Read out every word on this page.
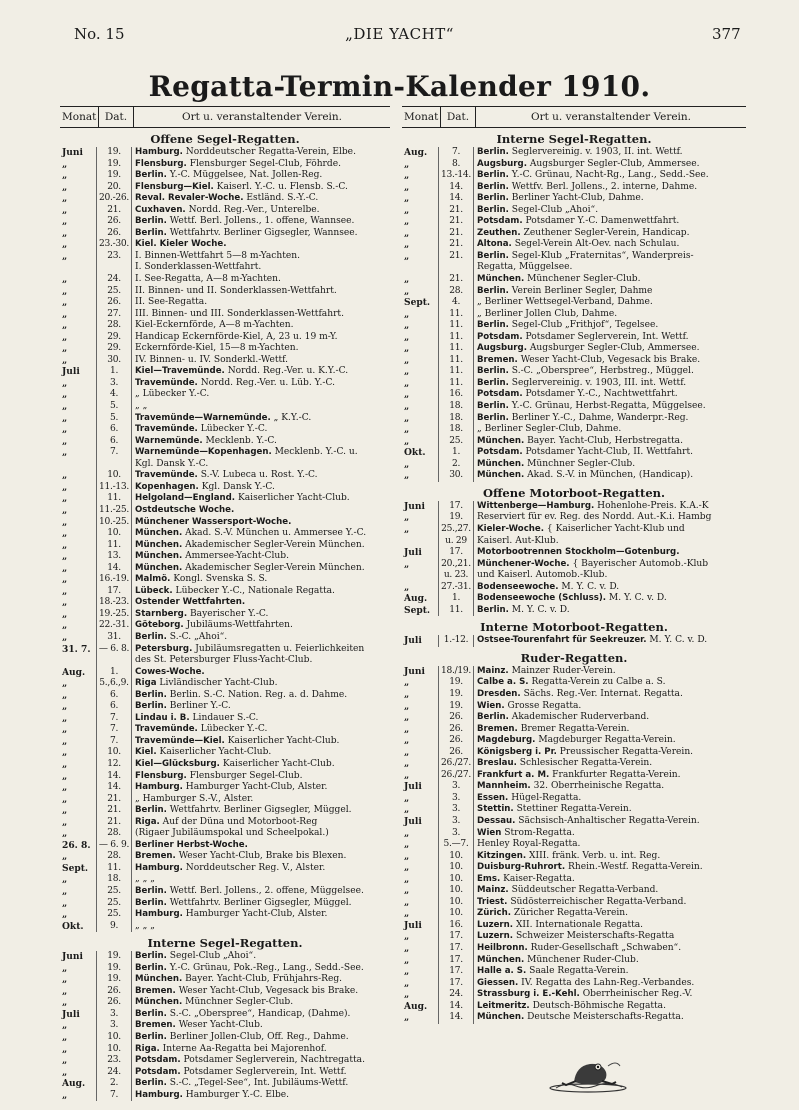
No. 15	„DIE YACHT“	377
Regatta-Termin-Kalender 1910.
Monat Dat.	Ort u. veranstaltender Verein.
Offene Segel-Regatten.
Juni	19.	Hamburg. Norddeutscher Regatta-Verein, Elbe.
„	19.	Flensburg. Flensburger Segel-Club, Föhrde.
„	19.	Berlin. Y.-C. Müggelsee, Nat. Jollen-Reg.
„	20.	Flensburg—Kiel. Kaiserl. Y.-C. u. Flensb. S.-C.
„	20.-26. Reval. Revaler-Woche. Estländ. S.-Y.-C.
„	21.	Cuxhaven. Nordd. Reg.-Ver., Unterelbe.
„	26.	Berlin. Wettf. Berl. Jollens., 1. offene, Wannsee.
„	26.	Berlin. Wettfahrtv. Berliner Gigsegler, Wannsee.
„	23.-30. Kiel. Kieler Woche.
„	23.	I. Binnen-Wettfahrt 5—8 m-Yachten.
I. Sonderklassen-Wettfahrt.
„	24.	I. See-Regatta, A—8 m-Yachten.
„	25.	II. Binnen- und II. Sonderklassen-Wettfahrt.
„	26.	II. See-Regatta.
„	27.	III. Binnen- und III. Sonderklassen-Wettfahrt.
„	28.	Kiel-Eckernförde, A—8 m-Yachten.
„	29.	Handicap Eckernförde-Kiel, A, 23 u. 19 m-Y.
„	29.	Eckernförde-Kiel, 15—8 m-Yachten.
„	30.	IV. Binnen- u. IV. Sonderkl.-Wettf.
Juli	1.	Kiel—Travemünde. Nordd. Reg.-Ver. u. K.Y.-C.
„	3.	Travemünde. Nordd. Reg.-Ver. u. Lüb. Y.-C.
„	4.	„ Lübecker Y.-C.
„	5.	„ „
„	5.	Travemünde—Warnemünde. „ K.Y.-C.
„	6.	Travemünde. Lübecker Y.-C.
„	6.	Warnemünde. Mecklenb. Y.-C.
„	7.	Warnemünde—Kopenhagen. Mecklenb. Y.-C. u.
Kgl. Dansk Y.-C.
„	10.	Travemünde. S.-V. Lubeca u. Rost. Y.-C.
„	11.-13. Kopenhagen. Kgl. Dansk Y.-C.
„	11.	Helgoland—England. Kaiserlicher Yacht-Club.
„	11.-25. Ostdeutsche Woche.
„	10.-25. Münchener Wassersport-Woche.
„	10.	München. Akad. S.-V. München u. Ammersee Y.-C.
„	11.	München. Akademischer Segler-Verein München.
„	13.	München. Ammersee-Yacht-Club.
„	14.	München. Akademischer Segler-Verein München.
„	16.-19. Malmö. Kongl. Svenska S. S.
„	17.	Lübeck. Lübecker Y.-C., Nationale Regatta.
„	18.-23. Ostender Wettfahrten.
„	19.-25. Starnberg. Bayerischer Y.-C.
„	22.-31. Göteborg. Jubiläums-Wettfahrten.
„	31.	Berlin. S.-C. „Ahoi“.
31. 7. — 6. 8. Petersburg. Jubiläumsregatten u. Feierlichkeiten
des St. Petersburger Fluss-Yacht-Club.
Aug.	1.	Cowes-Woche.
„	5.,6.,9. Riga Livländischer Yacht-Club.
„	6.	Berlin. Berlin. S.-C. Nation. Reg. a. d. Dahme.
„	6.	Berlin. Berliner Y.-C.
„	7.	Lindau i. B. Lindauer S.-C.
„	7.	Travemünde. Lübecker Y.-C.
„	7.	Travemünde—Kiel. Kaiserlicher Yacht-Club.
„	10.	Kiel. Kaiserlicher Yacht-Club.
„	12.	Kiel—Glücksburg. Kaiserlicher Yacht-Club.
„	14.	Flensburg. Flensburger Segel-Club.
„	14.	Hamburg. Hamburger Yacht-Club, Alster.
„	21.	„ Hamburger S.-V., Alster.
„	21.	Berlin. Wettfahrtv. Berliner Gigsegler, Müggel.
„	21.	Riga. Auf der Düna und Motorboot-Reg
„	28.	(Rigaer Jubiläumspokal und Scheelpokal.)
26. 8. — 6. 9. Berliner Herbst-Woche.
„	28.	Bremen. Weser Yacht-Club, Brake bis Blexen.
Sept.	11.	Hamburg. Norddeutscher Reg. V., Alster.
„	18.	„ „ „
„	25.	Berlin. Wettf. Berl. Jollens., 2. offene, Müggelsee.
„	25.	Berlin. Wettfahrtv. Berliner Gigsegler, Müggel.
„	25.	Hamburg. Hamburger Yacht-Club, Alster.
Okt.	9.	„ „ „
Interne Segel-Regatten.
Juni	19.	Berlin. Segel-Club „Ahoi“.
„	19.	Berlin. Y.-C. Grünau, Pok.-Reg., Lang., Sedd.-See.
„	19.	München. Bayer. Yacht-Club, Frühjahrs-Reg.
„	26.	Bremen. Weser Yacht-Club, Vegesack bis Brake.
„	26.	München. Münchner Segler-Club.
Juli	3.	Berlin. S.-C. „Oberspree“, Handicap, (Dahme).
„	3.	Bremen. Weser Yacht-Club.
„	10.	Berlin. Berliner Jollen-Club, Off. Reg., Dahme.
„	10.	Riga. Interne Aa-Regatta bei Majorenhof.
„	23.	Potsdam. Potsdamer Seglerverein, Nachtregatta.
„	24.	Potsdam. Potsdamer Seglerverein, Int. Wettf.
Aug.	2.	Berlin. S.-C. „Tegel-See“, Int. Jubiläums-Wettf.
„	7.	Hamburg. Hamburger Y.-C. Elbe.
Monat Dat.	Ort u. veranstaltender Verein.
Interne Segel-Regatten.
Aug.	7.	Berlin. Seglervereinig. v. 1903, II. int. Wettf.
„	8.	Augsburg. Augsburger Segler-Club, Ammersee.
„	13.-14. Berlin. Y.-C. Grünau, Nacht-Rg., Lang., Sedd.-See.
„	14.	Berlin. Wettfv. Berl. Jollens., 2. interne, Dahme.
„	14.	Berlin. Berliner Yacht-Club, Dahme.
„	21.	Berlin. Segel-Club „Ahoi“.
„	21.	Potsdam. Potsdamer Y.-C. Damenwettfahrt.
„	21.	Zeuthen. Zeuthener Segler-Verein, Handicap.
„	21.	Altona. Segel-Verein Alt-Oev. nach Schulau.
„	21.	Berlin. Segel-Klub „Fraternitas“, Wanderpreis-
Regatta, Müggelsee.
„	21.	München. Münchener Segler-Club.
„	28.	Berlin. Verein Berliner Segler, Dahme
Sept.	4.	„ Berliner Wettsegel-Verband, Dahme.
„	11.	„ Berliner Jollen Club, Dahme.
„	11.	Berlin. Segel-Club „Frithjof“, Tegelsee.
„	11.	Potsdam. Potsdamer Seglerverein, Int. Wettf.
„	11.	Augsburg. Augsburger Segler-Club, Ammersee.
„	11.	Bremen. Weser Yacht-Club, Vegesack bis Brake.
„	11.	Berlin. S.-C. „Oberspree“, Herbstreg., Müggel.
„	11.	Berlin. Seglervereinig. v. 1903, III. int. Wettf.
„	16.	Potsdam. Potsdamer Y.-C., Nachtwettfahrt.
„	18.	Berlin. Y.-C. Grünau, Herbst-Regatta, Müggelsee.
„	18.	Berlin. Berliner Y.-C., Dahme, Wanderpr.-Reg.
„	18.	„ Berliner Segler-Club, Dahme.
„	25.	München. Bayer. Yacht-Club, Herbstregatta.
Okt.	1.	Potsdam. Potsdamer Yacht-Club, II. Wettfahrt.
„	2.	München. Münchner Segler-Club.
„	30.	München. Akad. S.-V. in München, (Handicap).
Offene Motorboot-Regatten.
Juni	17.	Wittenberge—Hamburg. Hohenlohe-Preis. K.A.-K
„	19.	Reserviert für ev. Reg. des Nordd. Aut.-K.i. Hambg
„	25.,27. Kieler-Woche. { Kaiserlicher Yacht-Klub und
u. 29	Kaiserl. Aut-Klub.
Juli	17.	Motorbootrennen Stockholm—Gotenburg.
„	20.,21. Münchener-Woche. { Bayerischer Automob.-Klub
u. 23. und Kaiserl. Automob.-Klub.
„	27.-31. Bodenseewoche. M. Y. C. v. D.
Aug.	1.	Bodenseewoche (Schluss). M. Y. C. v. D.
Sept.	11.	Berlin. M. Y. C. v. D.
Interne Motorboot-Regatten.
Juli	1.-12.	Ostsee-Tourenfahrt für Seekreuzer. M. Y. C. v. D.
Ruder-Regatten.
Juni	18./19. Mainz. Mainzer Ruder-Verein.
„	19.	Calbe a. S. Regatta-Verein zu Calbe a. S.
„	19.	Dresden. Sächs. Reg.-Ver. Internat. Regatta.
„	19.	Wien. Grosse Regatta.
„	26.	Berlin. Akademischer Ruderverband.
„	26.	Bremen. Bremer Regatta-Verein.
„	26.	Magdeburg. Magdeburger Regatta-Verein.
„	26.	Königsberg i. Pr. Preussischer Regatta-Verein.
„	26./27. Breslau. Schlesischer Regatta-Verein.
„	26./27. Frankfurt a. M. Frankfurter Regatta-Verein.
Juli	3.	Mannheim. 32. Oberrheinische Regatta.
„	3.	Essen. Hügel-Regatta.
„	3.	Stettin. Stettiner Regatta-Verein.
Juli	3.	Dessau. Sächsisch-Anhaltischer Regatta-Verein.
„	3.	Wien Strom-Regatta.
„	5.—7. Henley Royal-Regatta.
„	10.	Kitzingen. XIII. fränk. Verb. u. int. Reg.
„	10.	Duisburg-Ruhrort. Rhein.-Westf. Regatta-Verein.
„	10.	Ems. Kaiser-Regatta.
„	10.	Mainz. Süddeutscher Regatta-Verband.
„	10.	Triest. Südösterreichischer Regatta-Verband.
„	10.	Zürich. Züricher Regatta-Verein.
Juli	16.	Luzern. XII. Internationale Regatta.
„	17.	Luzern. Schweizer Meisterschafts-Regatta
„	17.	Heilbronn. Ruder-Gesellschaft „Schwaben“.
„	17.	München. Münchener Ruder-Club.
„	17.	Halle a. S. Saale Regatta-Verein.
„	17.	Giessen. IV. Regatta des Lahn-Reg.-Verbandes.
„	24.	Strassburg i. E.-Kehl. Oberrheinischer Reg.-V.
Aug.	14.	Leitmeritz. Deutsch-Böhmische Regatta.
„	14.	München. Deutsche Meisterschafts-Regatta.
